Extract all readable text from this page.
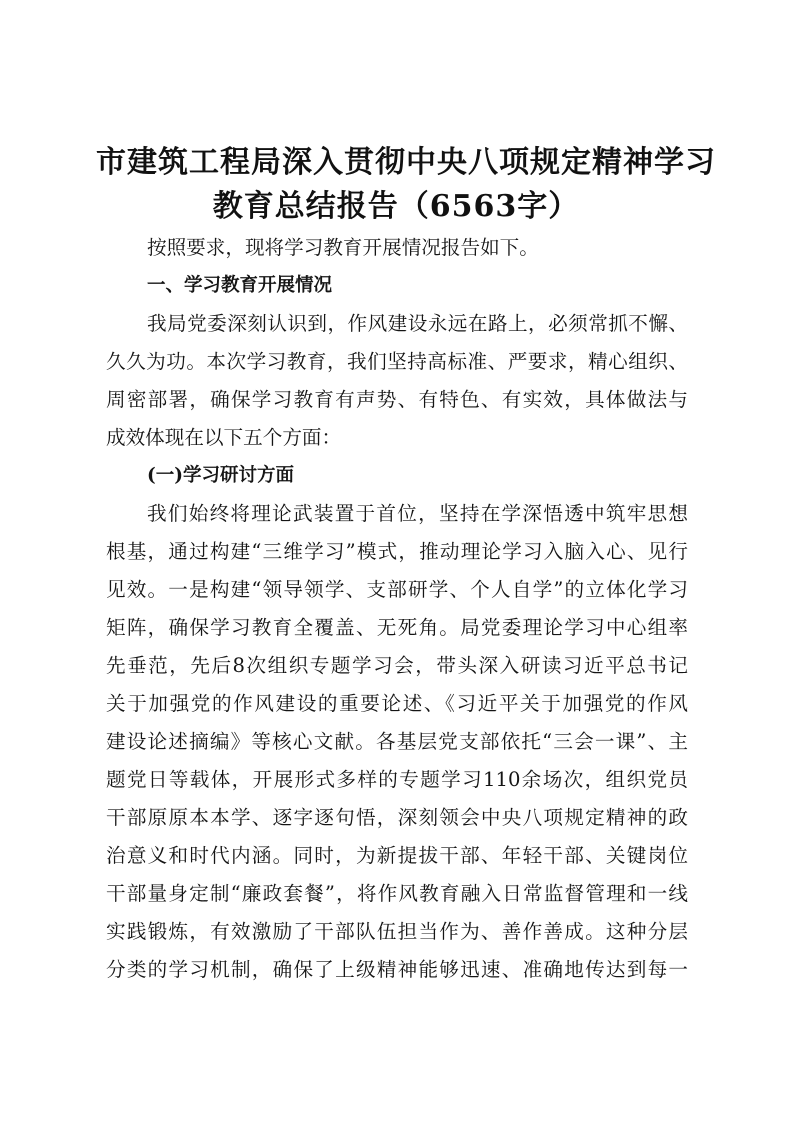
市建筑工程局深入贯彻中央八项规定精神学习
教育总结报告（6563字）
按照要求，现将学习教育开展情况报告如下。
一、学习教育开展情况
我局党委深刻认识到，作风建设永远在路上，必须常抓不懈、
久久为功。本次学习教育，我们坚持高标准、严要求，精心组织、
周密部署，确保学习教育有声势、有特色、有实效，具体做法与
成效体现在以下五个方面：
(一)学习研讨方面
我们始终将理论武装置于首位，坚持在学深悟透中筑牢思想
根基，通过构建“三维学习”模式，推动理论学习入脑入心、见行
见效。一是构建“领导领学、支部研学、个人自学”的立体化学习
矩阵，确保学习教育全覆盖、无死角。局党委理论学习中心组率
先垂范，先后8次组织专题学习会，带头深入研读习近平总书记
关于加强党的作风建设的重要论述、《习近平关于加强党的作风
建设论述摘编》等核心文献。各基层党支部依托“三会一课”、主
题党日等载体，开展形式多样的专题学习110余场次，组织党员
干部原原本本学、逐字逐句悟，深刻领会中央八项规定精神的政
治意义和时代内涵。同时，为新提拔干部、年轻干部、关键岗位
干部量身定制“廉政套餐”，将作风教育融入日常监督管理和一线
实践锻炼，有效激励了干部队伍担当作为、善作善成。这种分层
分类的学习机制，确保了上级精神能够迅速、准确地传达到每一
